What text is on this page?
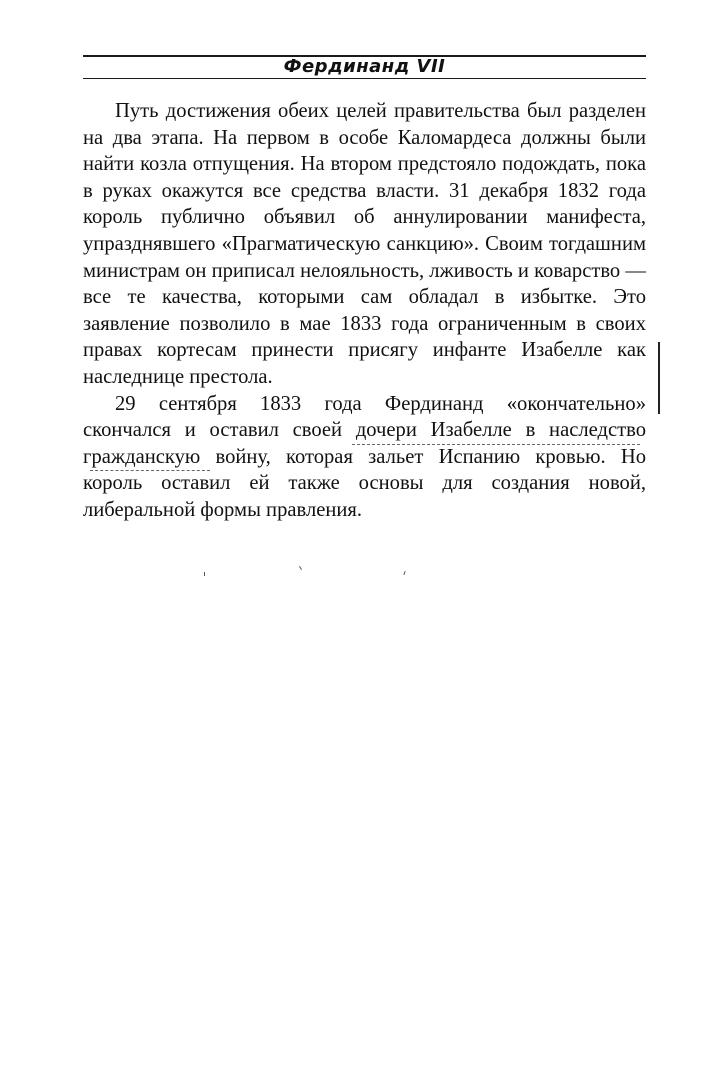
Фердинанд VII

Путь достижения обеих целей правительства был разделен на два этапа. На первом в особе Каломардеса должны были найти козла отпущения. На втором предстояло подождать, пока в руках окажутся все средства власти. 31 декабря 1832 года король публично объявил об аннулировании манифеста, упразднявшего «Прагматическую санкцию». Своим тогдашним министрам он приписал нелояльность, лживость и коварство — все те качества, которыми сам обладал в избытке. Это заявление позволило в мае 1833 года ограниченным в своих правах кортесам принести присягу инфанте Изабелле как наследнице престола.

29 сентября 1833 года Фердинанд «окончательно» скончался и оставил своей дочери Изабелле в наследство гражданскую войну, которая зальет Испанию кровью. Но король оставил ей также основы для создания новой, либеральной формы правления.
